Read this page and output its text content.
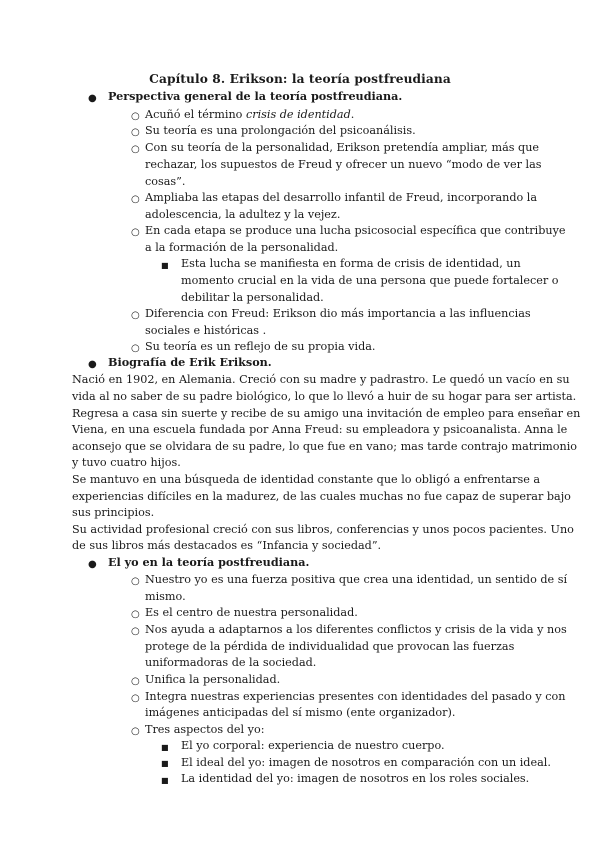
Capítulo 8. Erikson: la teoría postfreudiana
● Perspectiva general de la teoría postfreudiana.
○ Acuñó el término crisis de identidad.
○ Su teoría es una prolongación del psicoanálisis.
○ Con su teoría de la personalidad, Erikson pretendía ampliar, más que
rechazar, los supuestos de Freud y ofrecer un nuevo “modo de ver las
cosas”.
○ Ampliaba las etapas del desarrollo infantil de Freud, incorporando la
adolescencia, la adultez y la vejez.
○ En cada etapa se produce una lucha psicosocial específica que contribuye
a la formación de la personalidad.
■ Esta lucha se manifiesta en forma de crisis de identidad, un
momento crucial en la vida de una persona que puede fortalecer o
debilitar la personalidad.
○ Diferencia con Freud: Erikson dio más importancia a las influencias
sociales e históricas .
○ Su teoría es un reflejo de su propia vida.
● Biografía de Erik Erikson.
Nació en 1902, en Alemania. Creció con su madre y padrastro. Le quedó un vacío en su
vida al no saber de su padre biológico, lo que lo llevó a huir de su hogar para ser artista.
Regresa a casa sin suerte y recibe de su amigo una invitación de empleo para enseñar en
Viena, en una escuela fundada por Anna Freud: su empleadora y psicoanalista. Anna le
aconsejo que se olvidara de su padre, lo que fue en vano; mas tarde contrajo matrimonio
y tuvo cuatro hijos.
Se mantuvo en una búsqueda de identidad constante que lo obligó a enfrentarse a
experiencias difíciles en la madurez, de las cuales muchas no fue capaz de superar bajo
sus principios.
Su actividad profesional creció con sus libros, conferencias y unos pocos pacientes. Uno
de sus libros más destacados es “Infancia y sociedad”.
● El yo en la teoría postfreudiana.
○ Nuestro yo es una fuerza positiva que crea una identidad, un sentido de sí
mismo.
○ Es el centro de nuestra personalidad.
○ Nos ayuda a adaptarnos a los diferentes conflictos y crisis de la vida y nos
protege de la pérdida de individualidad que provocan las fuerzas
uniformadoras de la sociedad.
○ Unifica la personalidad.
○ Integra nuestras experiencias presentes con identidades del pasado y con
imágenes anticipadas del sí mismo (ente organizador).
○ Tres aspectos del yo:
■ El yo corporal: experiencia de nuestro cuerpo.
■ El ideal del yo: imagen de nosotros en comparación con un ideal.
■ La identidad del yo: imagen de nosotros en los roles sociales.
